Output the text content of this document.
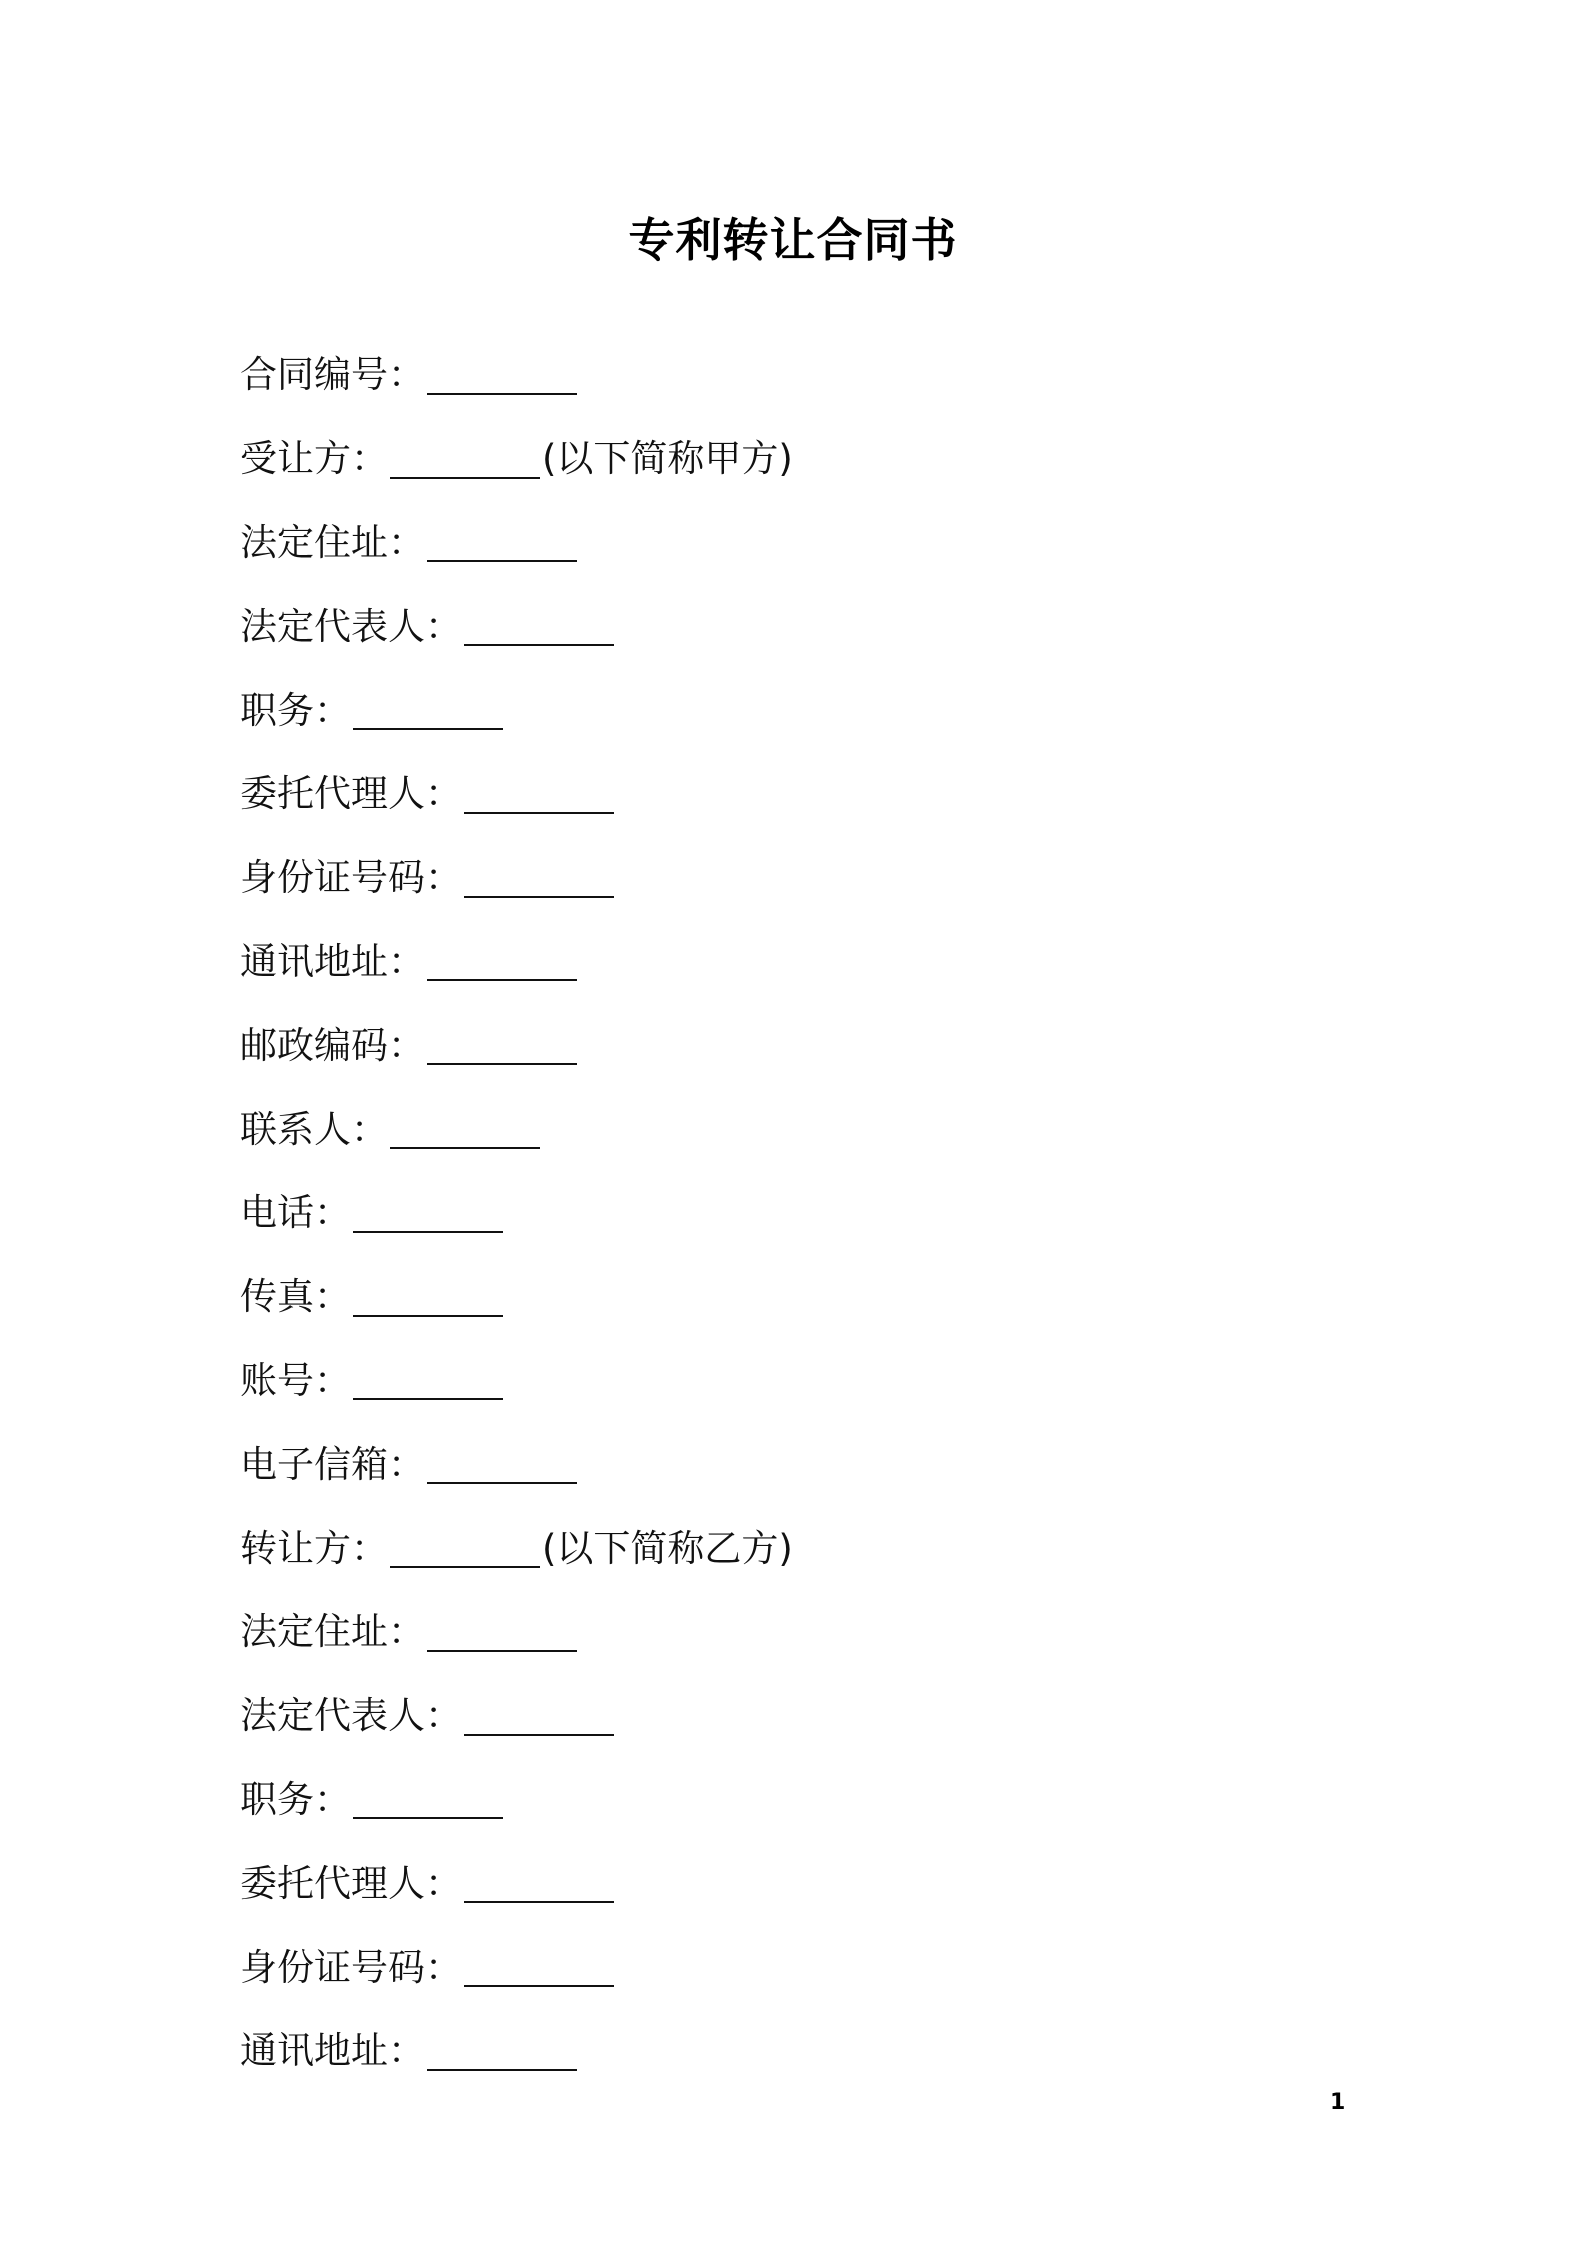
专利转让合同书
合同编号 ：
受让方 ：	(以下简称甲方)
法定住址 ：
法定代表人 ：
职务 ：
委托代理人 ：
身份证号码 ：
通讯地址 ：
邮政编码 ：
联系人 ：
电话 ：
传真 ：
账号 ：
电子信箱 ：
转让方 ：	(以下简称乙方)
法定住址 ：
法定代表人 ：
职务 ：
委托代理人 ：
身份证号码 ：
通讯地址 ：
1
